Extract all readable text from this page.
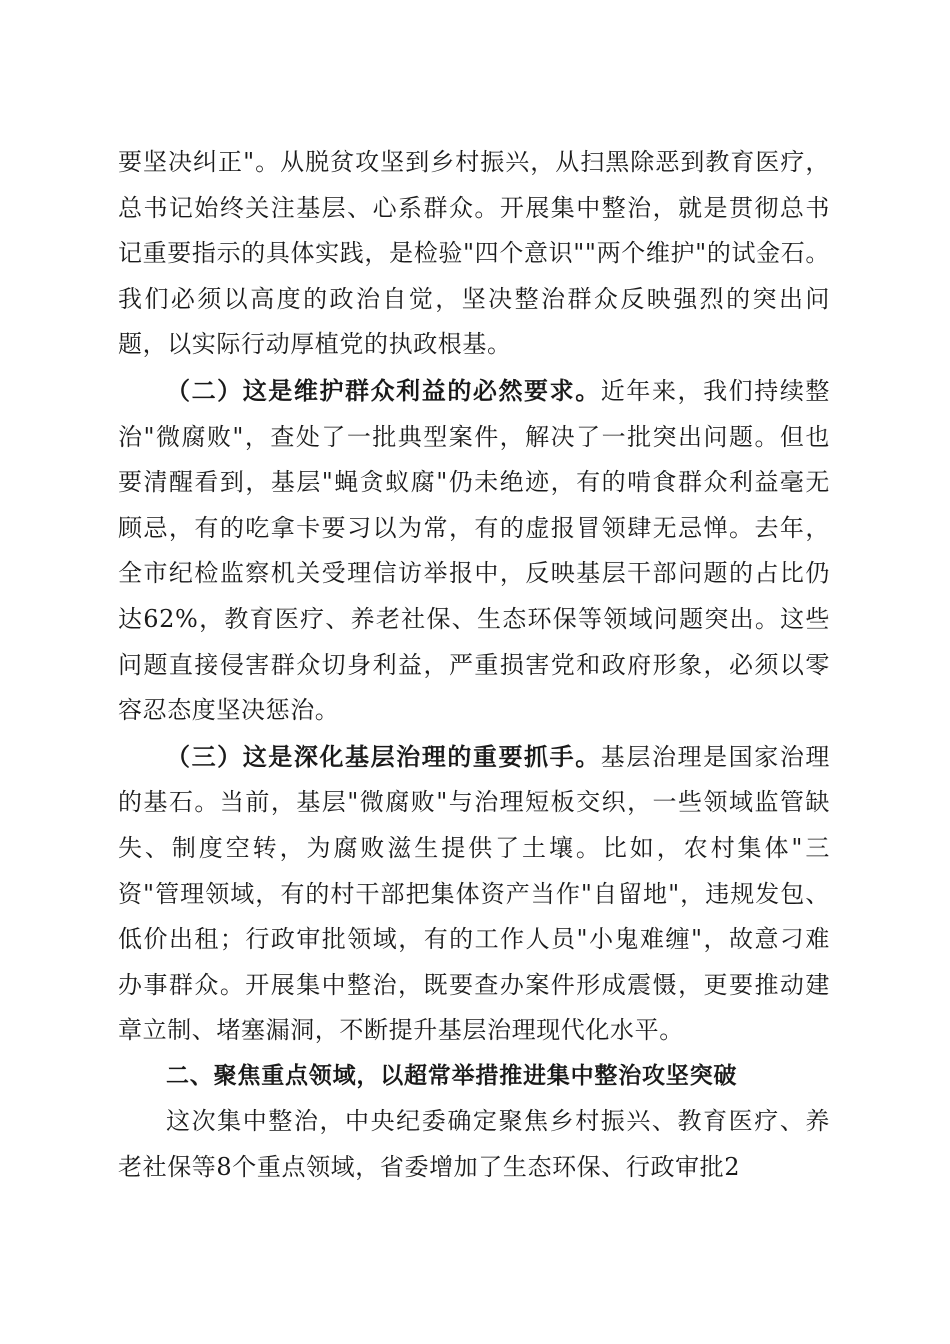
要坚决纠正"。从脱贫攻坚到乡村振兴，从扫黑除恶到教育医疗，总书记始终关注基层、心系群众。开展集中整治，就是贯彻总书记重要指示的具体实践，是检验"四个意识""两个维护"的试金石。我们必须以高度的政治自觉，坚决整治群众反映强烈的突出问题，以实际行动厚植党的执政根基。

（二）这是维护群众利益的必然要求。近年来，我们持续整治"微腐败"，查处了一批典型案件，解决了一批突出问题。但也要清醒看到，基层"蝇贪蚁腐"仍未绝迹，有的啃食群众利益毫无顾忌，有的吃拿卡要习以为常，有的虚报冒领肆无忌惮。去年，全市纪检监察机关受理信访举报中，反映基层干部问题的占比仍达62%，教育医疗、养老社保、生态环保等领域问题突出。这些问题直接侵害群众切身利益，严重损害党和政府形象，必须以零容忍态度坚决惩治。

（三）这是深化基层治理的重要抓手。基层治理是国家治理的基石。当前，基层"微腐败"与治理短板交织，一些领域监管缺失、制度空转，为腐败滋生提供了土壤。比如，农村集体"三资"管理领域，有的村干部把集体资产当作"自留地"，违规发包、低价出租；行政审批领域，有的工作人员"小鬼难缠"，故意刁难办事群众。开展集中整治，既要查办案件形成震慑，更要推动建章立制、堵塞漏洞，不断提升基层治理现代化水平。

二、聚焦重点领域，以超常举措推进集中整治攻坚突破

这次集中整治，中央纪委确定聚焦乡村振兴、教育医疗、养老社保等8个重点领域，省委增加了生态环保、行政审批2
